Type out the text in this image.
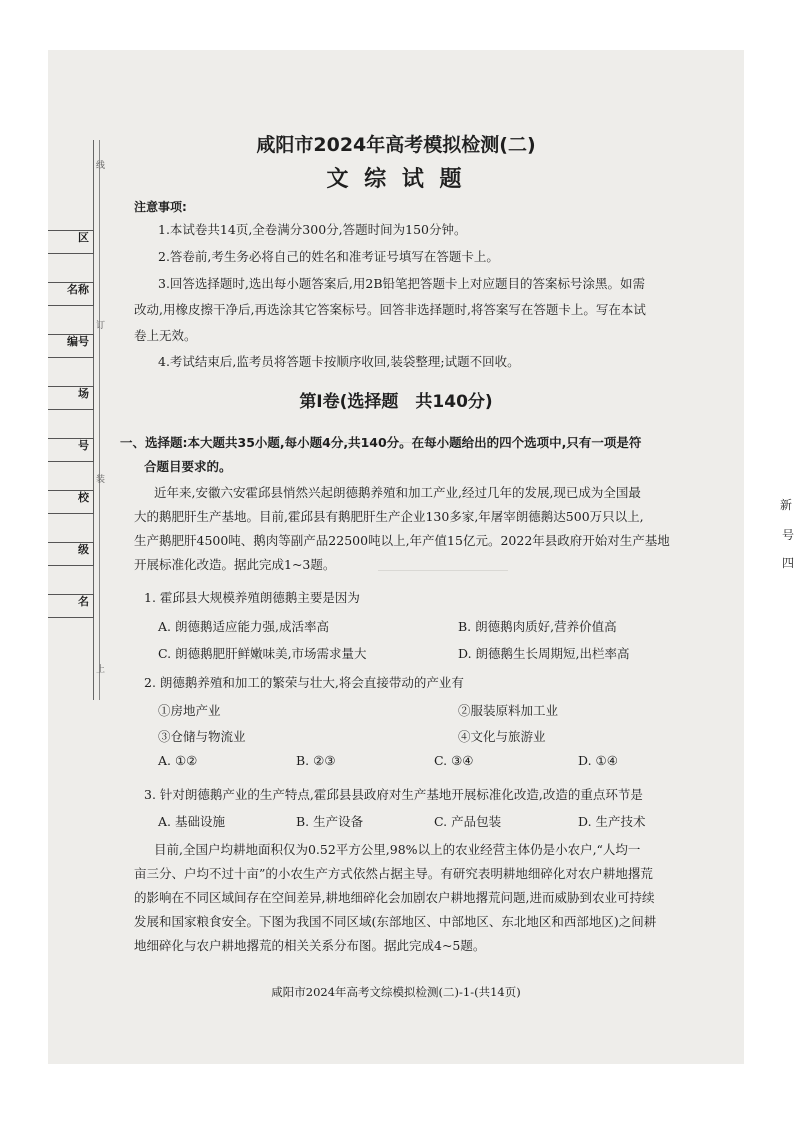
区
名称
编号
场
号
校
级
名
线
订
装
上
咸阳市2024年高考模拟检测(二)
文 综 试 题
注意事项:
1.本试卷共14页,全卷满分300分,答题时间为150分钟。
2.答卷前,考生务必将自己的姓名和准考证号填写在答题卡上。
3.回答选择题时,选出每小题答案后,用2B铅笔把答题卡上对应题目的答案标号涂黑。如需
改动,用橡皮擦干净后,再选涂其它答案标号。回答非选择题时,将答案写在答题卡上。写在本试
卷上无效。
4.考试结束后,监考员将答题卡按顺序收回,装袋整理;试题不回收。
第Ⅰ卷(选择题　共140分)
一、选择题:本大题共35小题,每小题4分,共140分。在每小题给出的四个选项中,只有一项是符
合题目要求的。
近年来,安徽六安霍邱县悄然兴起朗德鹅养殖和加工产业,经过几年的发展,现已成为全国最
大的鹅肥肝生产基地。目前,霍邱县有鹅肥肝生产企业130多家,年屠宰朗德鹅达500万只以上,
生产鹅肥肝4500吨、鹅肉等副产品22500吨以上,年产值15亿元。2022年县政府开始对生产基地
开展标准化改造。据此完成1~3题。
1. 霍邱县大规模养殖朗德鹅主要是因为
A. 朗德鹅适应能力强,成活率高	B. 朗德鹅肉质好,营养价值高
C. 朗德鹅肥肝鲜嫩味美,市场需求量大	D. 朗德鹅生长周期短,出栏率高
2. 朗德鹅养殖和加工的繁荣与壮大,将会直接带动的产业有
①房地产业	②服装原料加工业
③仓储与物流业	④文化与旅游业
A. ①②	B. ②③	C. ③④	D. ①④
3. 针对朗德鹅产业的生产特点,霍邱县县政府对生产基地开展标准化改造,改造的重点环节是
A. 基础设施	B. 生产设备	C. 产品包装	D. 生产技术
目前,全国户均耕地面积仅为0.52平方公里,98%以上的农业经营主体仍是小农户,“人均一
亩三分、户均不过十亩”的小农生产方式依然占据主导。有研究表明耕地细碎化对农户耕地撂荒
的影响在不同区域间存在空间差异,耕地细碎化会加剧农户耕地撂荒问题,进而威胁到农业可持续
发展和国家粮食安全。下图为我国不同区域(东部地区、中部地区、东北地区和西部地区)之间耕
地细碎化与农户耕地撂荒的相关关系分布图。据此完成4~5题。
咸阳市2024年高考文综模拟检测(二)-1-(共14页)
新
号
四
